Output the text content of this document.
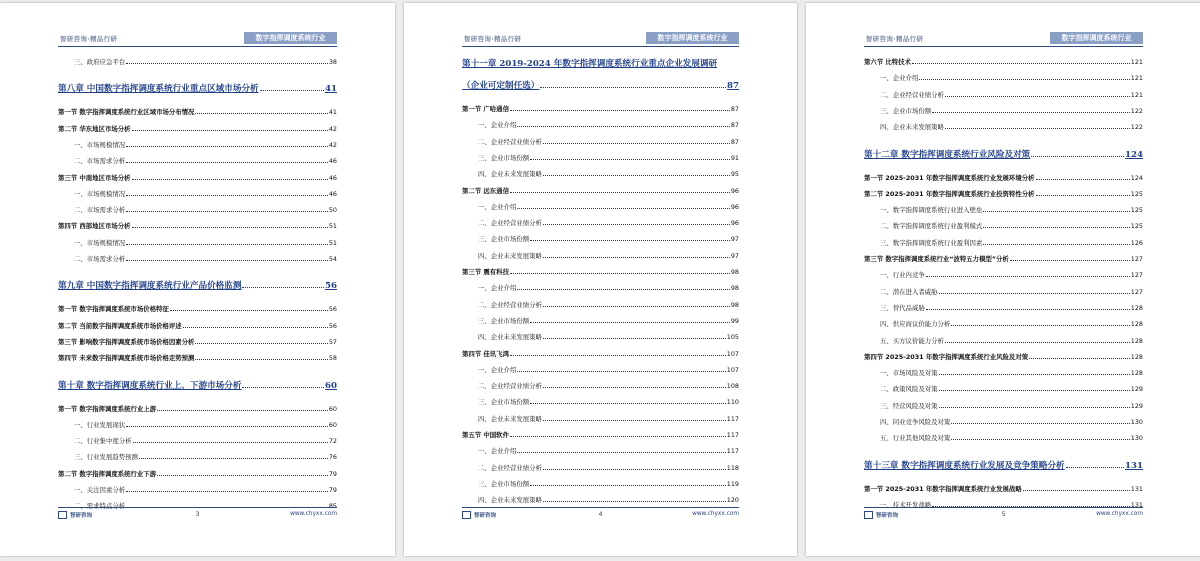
智研咨询·精品行研	数字指挥调度系统行业
三、政府应急平台	38
第八章 中国数字指挥调度系统行业重点区域市场分析	41
第一节 数字指挥调度系统行业区域市场分布情况	41
第二节 华东地区市场分析	42
一、市场规模情况	42
二、市场需求分析	46
第三节 中南地区市场分析	46
一、市场规模情况	46
二、市场需求分析	50
第四节 西部地区市场分析	51
一、市场规模情况	51
二、市场需求分析	54
第九章 中国数字指挥调度系统行业产品价格监测	56
第一节 数字指挥调度系统市场价格特征	56
第二节 当前数字指挥调度系统市场价格评述	56
第三节 影响数字指挥调度系统市场价格因素分析	57
第四节 未来数字指挥调度系统市场价格走势预测	58
第十章 数字指挥调度系统行业上、下游市场分析	60
第一节 数字指挥调度系统行业上游	60
一、行业发展现状	60
二、行业集中度分析	72
三、行业发展趋势预测	76
第二节 数字指挥调度系统行业下游	79
一、关注因素分析	79
二、需求特点分析	85
智研咨询	3	www.chyxx.com
智研咨询·精品行研	数字指挥调度系统行业
第十一章 2019-2024 年数字指挥调度系统行业重点企业发展调研
（企业可定制任选）	87
第一节 广哈通信	87
一、企业介绍	87
二、企业经营业绩分析	87
三、企业市场份额	91
四、企业未来发展策略	95
第二节 远东通信	96
一、企业介绍	96
二、企业经营业绩分析	96
三、企业市场份额	97
四、企业未来发展策略	97
第三节 震有科技	98
一、企业介绍	98
二、企业经营业绩分析	98
三、企业市场份额	99
四、企业未来发展策略	105
第四节 佳讯飞鸿	107
一、企业介绍	107
二、企业经营业绩分析	108
三、企业市场份额	110
四、企业未来发展策略	117
第五节 中国软件	117
一、企业介绍	117
二、企业经营业绩分析	118
三、企业市场份额	119
四、企业未来发展策略	120
智研咨询	4	www.chyxx.com
智研咨询·精品行研	数字指挥调度系统行业
第六节 比特技术	121
一、企业介绍	121
二、企业经营业绩分析	121
三、企业市场份额	122
四、企业未来发展策略	122
第十二章 数字指挥调度系统行业风险及对策	124
第一节 2025-2031 年数字指挥调度系统行业发展环境分析	124
第二节 2025-2031 年数字指挥调度系统行业投资特性分析	125
一、数字指挥调度系统行业进入壁垒	125
二、数字指挥调度系统行业盈利模式	125
三、数字指挥调度系统行业盈利因素	126
第三节 数字指挥调度系统行业“波特五力模型”分析	127
一、行业内竞争	127
二、潜在进入者威胁	127
三、替代品威胁	128
四、供应商议价能力分析	128
五、买方议价能力分析	128
第四节 2025-2031 年数字指挥调度系统行业风险及对策	128
一、市场风险及对策	128
二、政策风险及对策	129
三、经营风险及对策	129
四、同业竞争风险及对策	130
五、行业其他风险及对策	130
第十三章 数字指挥调度系统行业发展及竞争策略分析	131
第一节 2025-2031 年数字指挥调度系统行业发展战略	131
一、技术开发战略	131
智研咨询	5	www.chyxx.com
